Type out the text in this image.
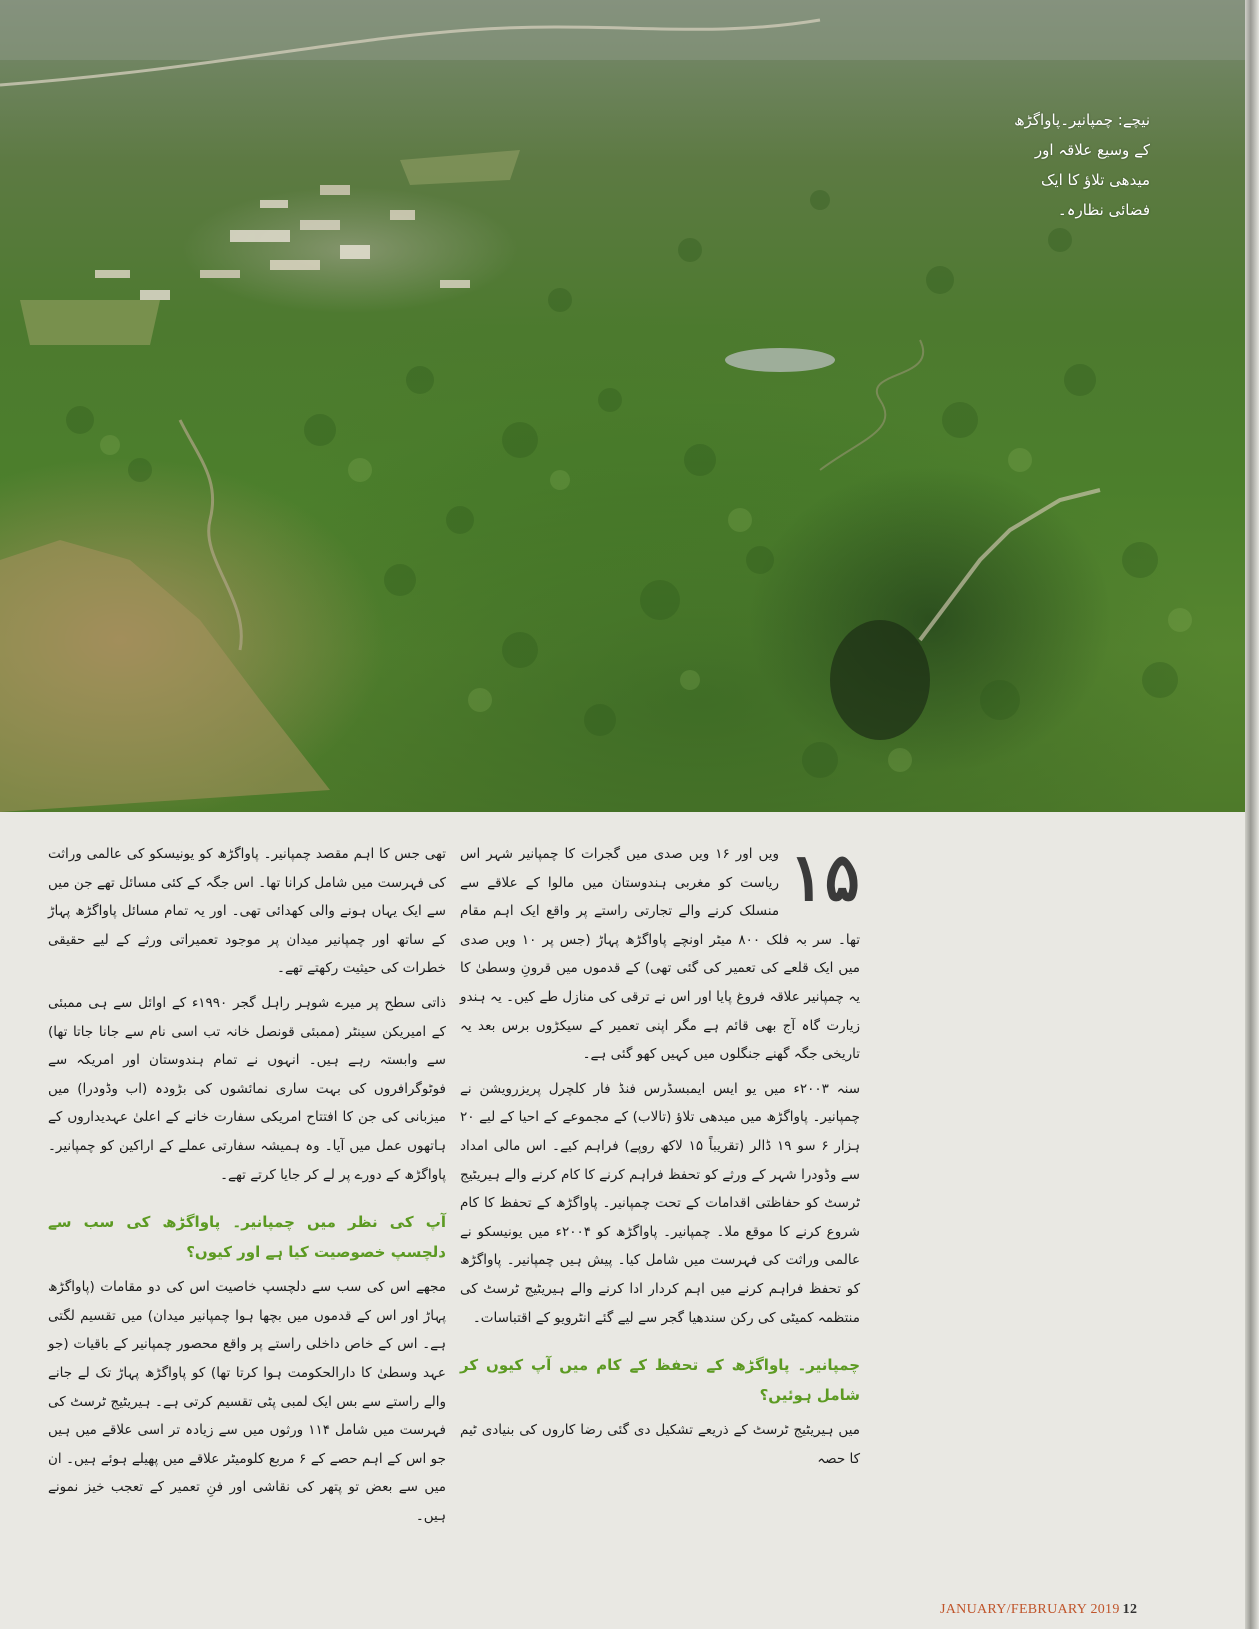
نیچے: چمپانیر۔پاواگڑھ
کے وسیع علاقہ اور
میدھی تلاؤ کا ایک
فضائی نظارہ۔
۱۵

ویں اور ۱۶ ویں صدی میں گجرات کا چمپانیر شہر اس ریاست کو مغربی ہندوستان میں مالوا کے علاقے سے منسلک کرنے والے تجارتی راستے پر واقع ایک اہم مقام تھا۔ سر بہ فلک ۸۰۰ میٹر اونچے پاواگڑھ پہاڑ (جس پر ۱۰ ویں صدی میں ایک قلعے کی تعمیر کی گئی تھی) کے قدموں میں قرونِ وسطیٰ کا یہ چمپانیر علاقہ فروغ پایا اور اس نے ترقی کی منازل طے کیں۔ یہ ہندو زیارت گاہ آج بھی قائم ہے مگر اپنی تعمیر کے سیکڑوں برس بعد یہ تاریخی جگہ گھنے جنگلوں میں کہیں کھو گئی ہے۔

سنہ ۲۰۰۳ء میں یو ایس ایمبسڈرس فنڈ فار کلچرل پریزرویشن نے چمپانیر۔ پاواگڑھ میں میدھی تلاؤ (تالاب) کے مجموعے کے احیا کے لیے ۲۰ ہزار ۶ سو ۱۹ ڈالر (تقریباً ۱۵ لاکھ روپے) فراہم کیے۔ اس مالی امداد سے وڈودرا شہر کے ورثے کو تحفظ فراہم کرنے کا کام کرنے والے ہیریٹیج ٹرسٹ کو حفاظتی اقدامات کے تحت چمپانیر۔ پاواگڑھ کے تحفظ کا کام شروع کرنے کا موقع ملا۔ چمپانیر۔ پاواگڑھ کو ۲۰۰۴ء میں یونیسکو نے عالمی وراثت کی فہرست میں شامل کیا۔ پیش ہیں چمپانیر۔ پاواگڑھ کو تحفظ فراہم کرنے میں اہم کردار ادا کرنے والے ہیریٹیج ٹرسٹ کی منتظمہ کمیٹی کی رکن سندھیا گجر سے لیے گئے انٹرویو کے اقتباسات۔

چمپانیر۔ پاواگڑھ کے تحفظ کے کام میں آپ کیوں کر شامل ہوئیں؟

میں ہیریٹیج ٹرسٹ کے ذریعے تشکیل دی گئی رضا کاروں کی بنیادی ٹیم کا حصہ

تھی جس کا اہم مقصد چمپانیر۔ پاواگڑھ کو یونیسکو کی عالمی وراثت کی فہرست میں شامل کرانا تھا۔ اس جگہ کے کئی مسائل تھے جن میں سے ایک یہاں ہونے والی کھدائی تھی۔ اور یہ تمام مسائل پاواگڑھ پہاڑ کے ساتھ اور چمپانیر میدان پر موجود تعمیراتی ورثے کے لیے حقیقی خطرات کی حیثیت رکھتے تھے۔

ذاتی سطح پر میرے شوہر راہل گجر ۱۹۹۰ء کے اوائل سے ہی ممبئی کے امیریکن سینٹر (ممبئی قونصل خانہ تب اسی نام سے جانا جاتا تھا) سے وابستہ رہے ہیں۔ انہوں نے تمام ہندوستان اور امریکہ سے فوٹوگرافروں کی بہت ساری نمائشوں کی بڑودہ (اب وڈودرا) میں میزبانی کی جن کا افتتاح امریکی سفارت خانے کے اعلیٰ عہدیداروں کے ہاتھوں عمل میں آیا۔ وہ ہمیشہ سفارتی عملے کے اراکین کو چمپانیر۔ پاواگڑھ کے دورے پر لے کر جایا کرتے تھے۔

آپ کی نظر میں چمپانیر۔ پاواگڑھ کی سب سے دلچسپ خصوصیت کیا ہے اور کیوں؟

مجھے اس کی سب سے دلچسپ خاصیت اس کی دو مقامات (پاواگڑھ پہاڑ اور اس کے قدموں میں بچھا ہوا چمپانیر میدان) میں تقسیم لگتی ہے۔ اس کے خاص داخلی راستے پر واقع محصور چمپانیر کے باقیات (جو عہد وسطیٰ کا دارالحکومت ہوا کرتا تھا) کو پاواگڑھ پہاڑ تک لے جانے والے راستے سے بس ایک لمبی پٹی تقسیم کرتی ہے۔ ہیریٹیج ٹرسٹ کی فہرست میں شامل ۱۱۴ ورثوں میں سے زیادہ تر اسی علاقے میں ہیں جو اس کے اہم حصے کے ۶ مربع کلومیٹر علاقے میں پھیلے ہوئے ہیں۔ ان میں سے بعض تو پتھر کی نقاشی اور فنِ تعمیر کے تعجب خیز نمونے ہیں۔

JANUARY/FEBRUARY 2019 12
